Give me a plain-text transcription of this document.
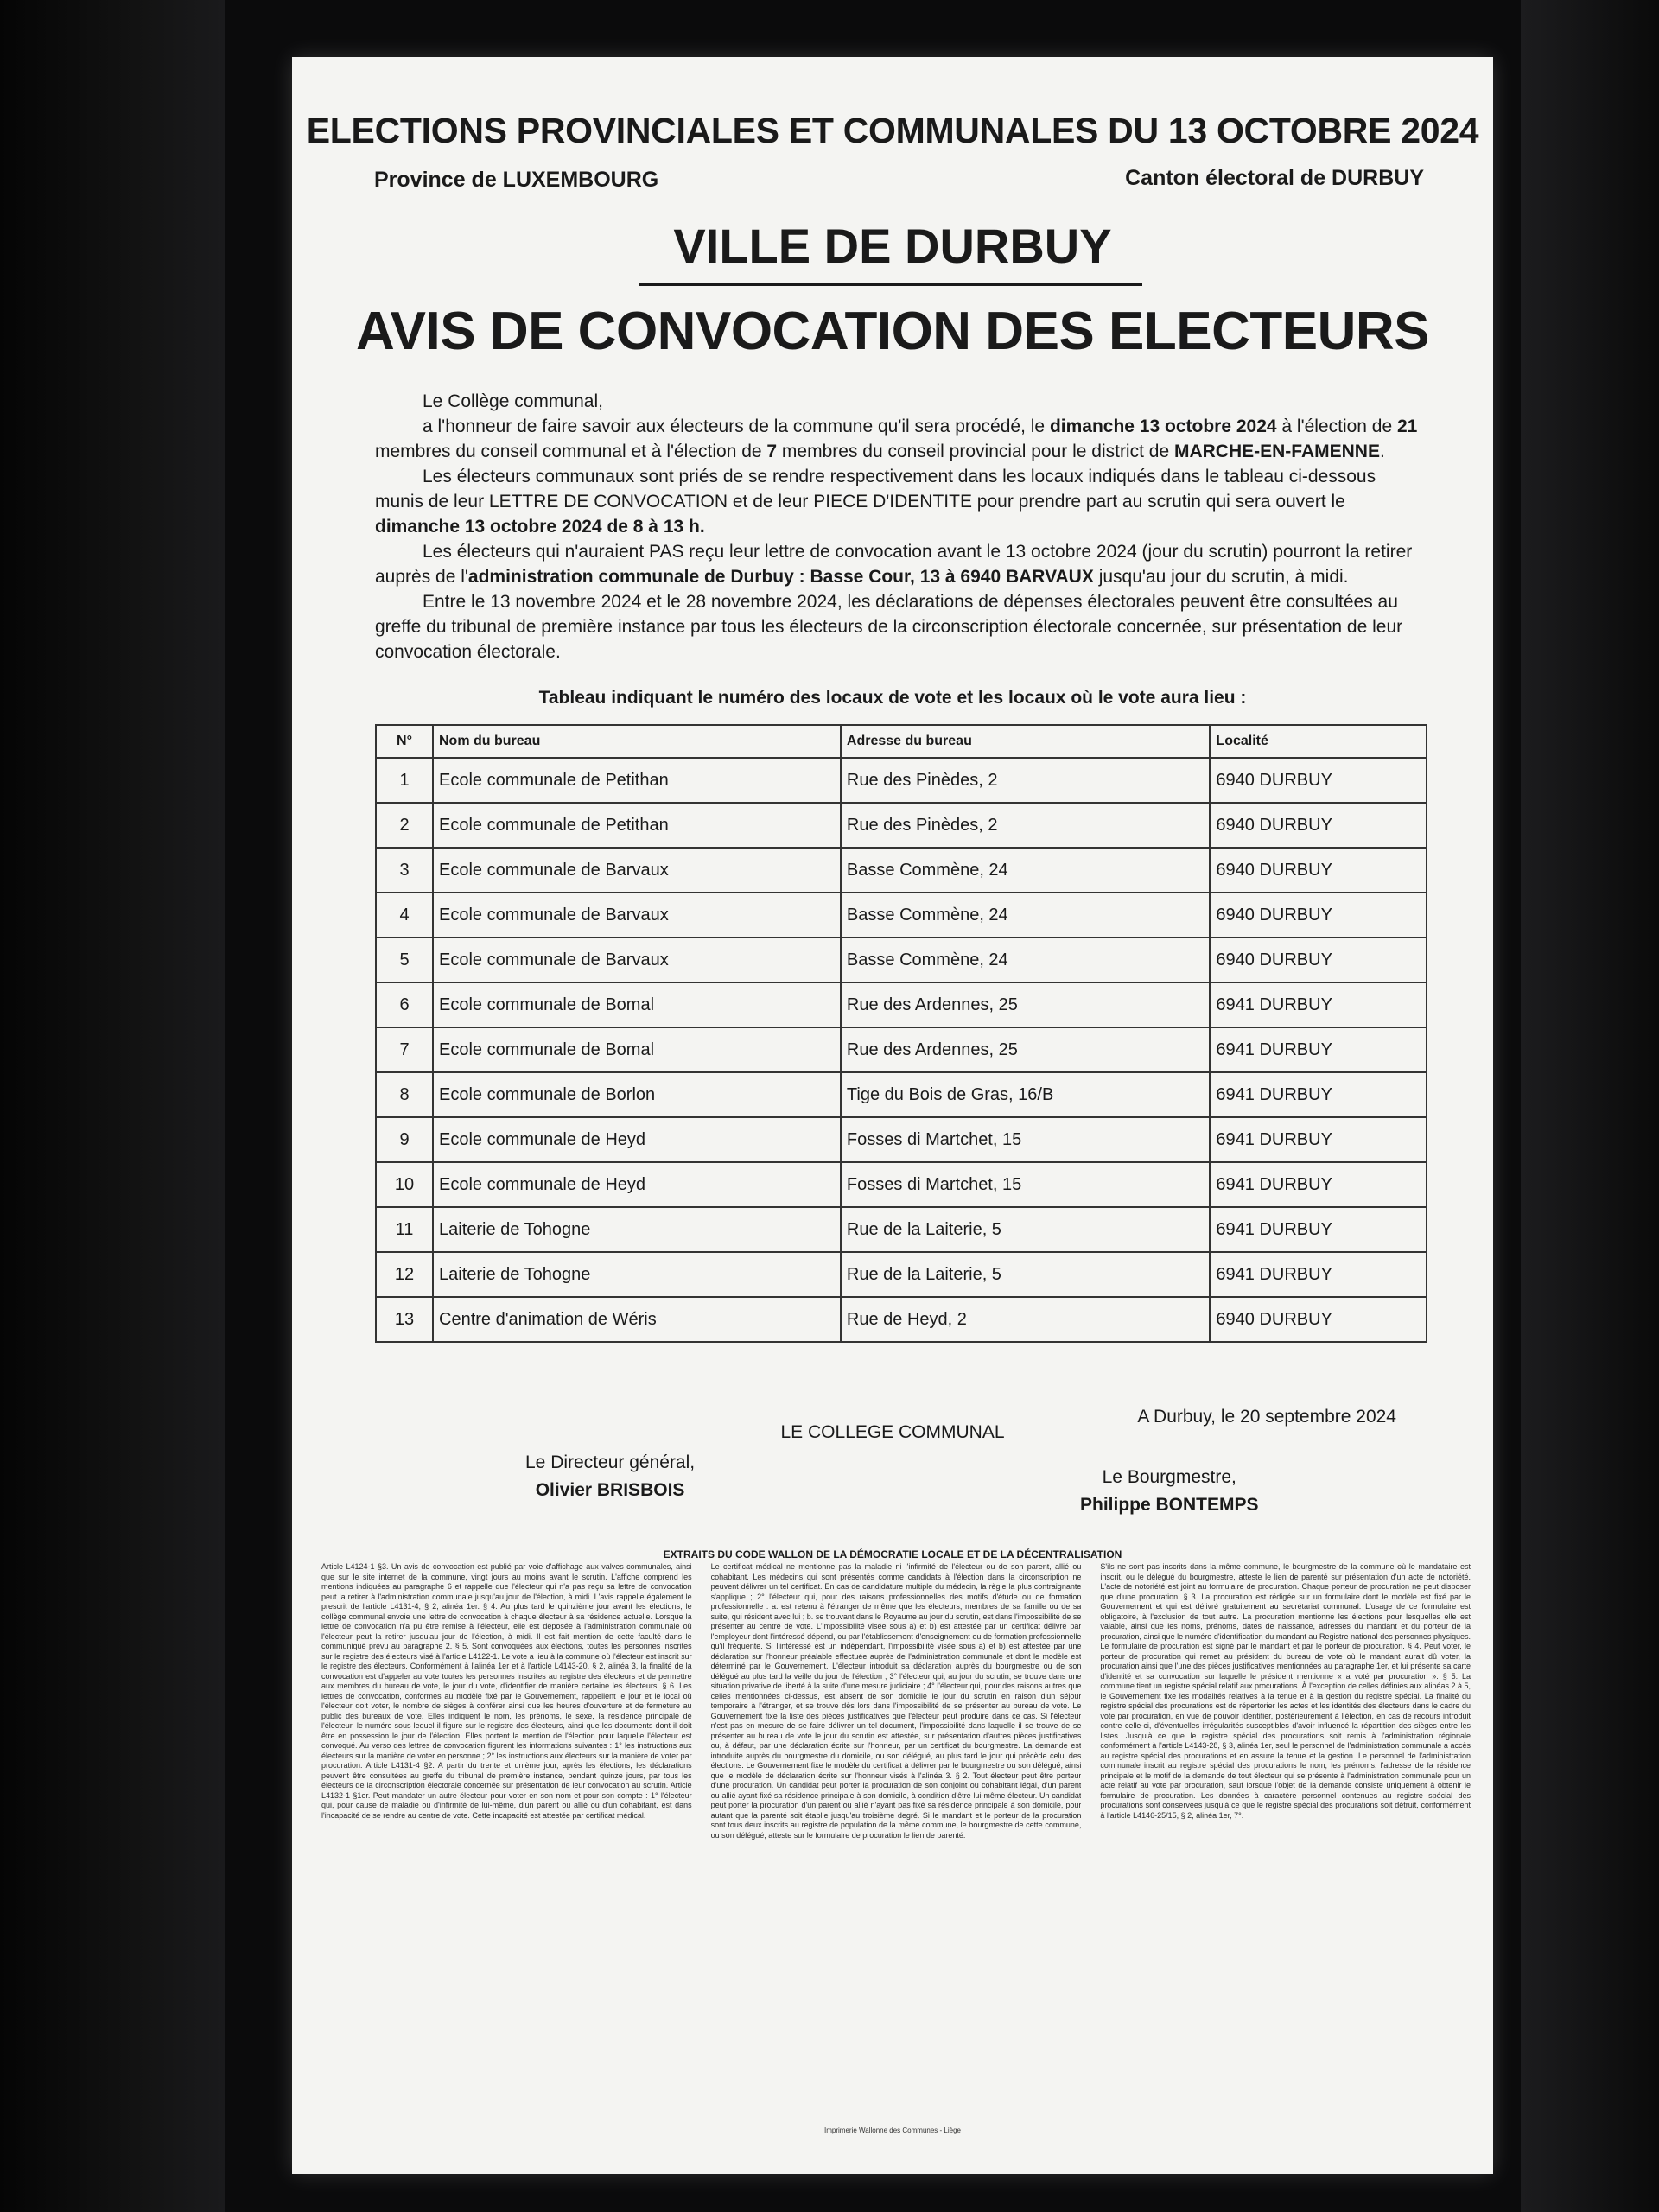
ELECTIONS PROVINCIALES ET COMMUNALES DU 13 OCTOBRE 2024
Province de LUXEMBOURG	Canton électoral de DURBUY
VILLE DE DURBUY
AVIS DE CONVOCATION DES ELECTEURS

Le Collège communal,

a l'honneur de faire savoir aux électeurs de la commune qu'il sera procédé, le dimanche 13 octobre 2024 à l'élection de 21 membres du conseil communal et à l'élection de 7 membres du conseil provincial pour le district de MARCHE-EN-FAMENNE.

Les électeurs communaux sont priés de se rendre respectivement dans les locaux indiqués dans le tableau ci-dessous munis de leur LETTRE DE CONVOCATION et de leur PIECE D'IDENTITE pour prendre part au scrutin qui sera ouvert le dimanche 13 octobre 2024 de 8 à 13 h.

Les électeurs qui n'auraient PAS reçu leur lettre de convocation avant le 13 octobre 2024 (jour du scrutin) pourront la retirer auprès de l'administration communale de Durbuy : Basse Cour, 13 à 6940 BARVAUX jusqu'au jour du scrutin, à midi.

Entre le 13 novembre 2024 et le 28 novembre 2024, les déclarations de dépenses électorales peuvent être consultées au greffe du tribunal de première instance par tous les électeurs de la circonscription électorale concernée, sur présentation de leur convocation électorale.

Tableau indiquant le numéro des locaux de vote et les locaux où le vote aura lieu :
N°	Nom du bureau	Adresse du bureau	Localité
1	Ecole communale de Petithan	Rue des Pinèdes, 2	6940 DURBUY
2	Ecole communale de Petithan	Rue des Pinèdes, 2	6940 DURBUY
3	Ecole communale de Barvaux	Basse Commène, 24	6940 DURBUY
4	Ecole communale de Barvaux	Basse Commène, 24	6940 DURBUY
5	Ecole communale de Barvaux	Basse Commène, 24	6940 DURBUY
6	Ecole communale de Bomal	Rue des Ardennes, 25	6941 DURBUY
7	Ecole communale de Bomal	Rue des Ardennes, 25	6941 DURBUY
8	Ecole communale de Borlon	Tige du Bois de Gras, 16/B	6941 DURBUY
9	Ecole communale de Heyd	Fosses di Martchet, 15	6941 DURBUY
10	Ecole communale de Heyd	Fosses di Martchet, 15	6941 DURBUY
11	Laiterie de Tohogne	Rue de la Laiterie, 5	6941 DURBUY
12	Laiterie de Tohogne	Rue de la Laiterie, 5	6941 DURBUY
13	Centre d'animation de Wéris	Rue de Heyd, 2	6940 DURBUY
A Durbuy, le 20 septembre 2024
LE COLLEGE COMMUNAL
Le Directeur général,
Olivier BRISBOIS
Le Bourgmestre,
Philippe BONTEMPS
EXTRAITS DU CODE WALLON DE LA DÉMOCRATIE LOCALE ET DE LA DÉCENTRALISATION
Article L4124-1 §3. Un avis de convocation est publié par voie d'affichage aux valves communales, ainsi que sur le site internet de la commune, vingt jours au moins avant le scrutin. L'affiche comprend les mentions indiquées au paragraphe 6 et rappelle que l'électeur qui n'a pas reçu sa lettre de convocation peut la retirer à l'administration communale jusqu'au jour de l'élection, à midi. L'avis rappelle également le prescrit de l'article L4131-4, § 2, alinéa 1er. § 4. Au plus tard le quinzième jour avant les élections, le collège communal envoie une lettre de convocation à chaque électeur à sa résidence actuelle. Lorsque la lettre de convocation n'a pu être remise à l'électeur, elle est déposée à l'administration communale où l'électeur peut la retirer jusqu'au jour de l'élection, à midi. Il est fait mention de cette faculté dans le communiqué prévu au paragraphe 2. § 5. Sont convoquées aux élections, toutes les personnes inscrites sur le registre des électeurs visé à l'article L4122-1. Le vote a lieu à la commune où l'électeur est inscrit sur le registre des électeurs. Conformément à l'alinéa 1er et à l'article L4143-20, § 2, alinéa 3, la finalité de la convocation est d'appeler au vote toutes les personnes inscrites au registre des électeurs et de permettre aux membres du bureau de vote, le jour du vote, d'identifier de manière certaine les électeurs. § 6. Les lettres de convocation, conformes au modèle fixé par le Gouvernement, rappellent le jour et le local où l'électeur doit voter, le nombre de sièges à conférer ainsi que les heures d'ouverture et de fermeture au public des bureaux de vote. Elles indiquent le nom, les prénoms, le sexe, la résidence principale de l'électeur, le numéro sous lequel il figure sur le registre des électeurs, ainsi que les documents dont il doit être en possession le jour de l'élection. Elles portent la mention de l'élection pour laquelle l'électeur est convoqué. Au verso des lettres de convocation figurent les informations suivantes : 1° les instructions aux électeurs sur la manière de voter en personne ; 2° les instructions aux électeurs sur la manière de voter par procuration. Article L4131-4 §2. A partir du trente et unième jour, après les élections, les déclarations peuvent être consultées au greffe du tribunal de première instance, pendant quinze jours, par tous les électeurs de la circonscription électorale concernée sur présentation de leur convocation au scrutin. Article L4132-1 §1er. Peut mandater un autre électeur pour voter en son nom et pour son compte : 1° l'électeur qui, pour cause de maladie ou d'infirmité de lui-même, d'un parent ou allié ou d'un cohabitant, est dans l'incapacité de se rendre au centre de vote. Cette incapacité est attestée par certificat médical.
Le certificat médical ne mentionne pas la maladie ni l'infirmité de l'électeur ou de son parent, allié ou cohabitant. Les médecins qui sont présentés comme candidats à l'élection dans la circonscription ne peuvent délivrer un tel certificat. En cas de candidature multiple du médecin, la règle la plus contraignante s'applique ; 2° l'électeur qui, pour des raisons professionnelles des motifs d'étude ou de formation professionnelle : a. est retenu à l'étranger de même que les électeurs, membres de sa famille ou de sa suite, qui résident avec lui ; b. se trouvant dans le Royaume au jour du scrutin, est dans l'impossibilité de se présenter au centre de vote. L'impossibilité visée sous a) et b) est attestée par un certificat délivré par l'employeur dont l'intéressé dépend, ou par l'établissement d'enseignement ou de formation professionnelle qu'il fréquente. Si l'intéressé est un indépendant, l'impossibilité visée sous a) et b) est attestée par une déclaration sur l'honneur préalable effectuée auprès de l'administration communale et dont le modèle est déterminé par le Gouvernement. L'électeur introduit sa déclaration auprès du bourgmestre ou de son délégué au plus tard la veille du jour de l'élection ; 3° l'électeur qui, au jour du scrutin, se trouve dans une situation privative de liberté à la suite d'une mesure judiciaire ; 4° l'électeur qui, pour des raisons autres que celles mentionnées ci-dessus, est absent de son domicile le jour du scrutin en raison d'un séjour temporaire à l'étranger, et se trouve dès lors dans l'impossibilité de se présenter au bureau de vote. Le Gouvernement fixe la liste des pièces justificatives que l'électeur peut produire dans ce cas. Si l'électeur n'est pas en mesure de se faire délivrer un tel document, l'impossibilité dans laquelle il se trouve de se présenter au bureau de vote le jour du scrutin est attestée, sur présentation d'autres pièces justificatives ou, à défaut, par une déclaration écrite sur l'honneur, par un certificat du bourgmestre. La demande est introduite auprès du bourgmestre du domicile, ou son délégué, au plus tard le jour qui précède celui des élections. Le Gouvernement fixe le modèle du certificat à délivrer par le bourgmestre ou son délégué, ainsi que le modèle de déclaration écrite sur l'honneur visés à l'alinéa 3. § 2. Tout électeur peut être porteur d'une procuration. Un candidat peut porter la procuration de son conjoint ou cohabitant légal, d'un parent ou allié ayant fixé sa résidence principale à son domicile, à condition d'être lui-même électeur. Un candidat peut porter la procuration d'un parent ou allié n'ayant pas fixé sa résidence principale à son domicile, pour autant que la parenté soit établie jusqu'au troisième degré. Si le mandant et le porteur de la procuration sont tous deux inscrits au registre de population de la même commune, le bourgmestre de cette commune, ou son délégué, atteste sur le formulaire de procuration le lien de parenté.
S'ils ne sont pas inscrits dans la même commune, le bourgmestre de la commune où le mandataire est inscrit, ou le délégué du bourgmestre, atteste le lien de parenté sur présentation d'un acte de notoriété. L'acte de notoriété est joint au formulaire de procuration. Chaque porteur de procuration ne peut disposer que d'une procuration. § 3. La procuration est rédigée sur un formulaire dont le modèle est fixé par le Gouvernement et qui est délivré gratuitement au secrétariat communal. L'usage de ce formulaire est obligatoire, à l'exclusion de tout autre. La procuration mentionne les élections pour lesquelles elle est valable, ainsi que les noms, prénoms, dates de naissance, adresses du mandant et du porteur de la procuration, ainsi que le numéro d'identification du mandant au Registre national des personnes physiques. Le formulaire de procuration est signé par le mandant et par le porteur de procuration. § 4. Peut voter, le porteur de procuration qui remet au président du bureau de vote où le mandant aurait dû voter, la procuration ainsi que l'une des pièces justificatives mentionnées au paragraphe 1er, et lui présente sa carte d'identité et sa convocation sur laquelle le président mentionne « a voté par procuration ». § 5. La commune tient un registre spécial relatif aux procurations. À l'exception de celles définies aux alinéas 2 à 5, le Gouvernement fixe les modalités relatives à la tenue et à la gestion du registre spécial. La finalité du registre spécial des procurations est de répertorier les actes et les identités des électeurs dans le cadre du vote par procuration, en vue de pouvoir identifier, postérieurement à l'élection, en cas de recours introduit contre celle-ci, d'éventuelles irrégularités susceptibles d'avoir influencé la répartition des sièges entre les listes. Jusqu'à ce que le registre spécial des procurations soit remis à l'administration régionale conformément à l'article L4143-28, § 3, alinéa 1er, seul le personnel de l'administration communale a accès au registre spécial des procurations et en assure la tenue et la gestion. Le personnel de l'administration communale inscrit au registre spécial des procurations le nom, les prénoms, l'adresse de la résidence principale et le motif de la demande de tout électeur qui se présente à l'administration communale pour un acte relatif au vote par procuration, sauf lorsque l'objet de la demande consiste uniquement à obtenir le formulaire de procuration. Les données à caractère personnel contenues au registre spécial des procurations sont conservées jusqu'à ce que le registre spécial des procurations soit détruit, conformément à l'article L4146-25/15, § 2, alinéa 1er, 7°.
Imprimerie Wallonne des Communes - Liège
